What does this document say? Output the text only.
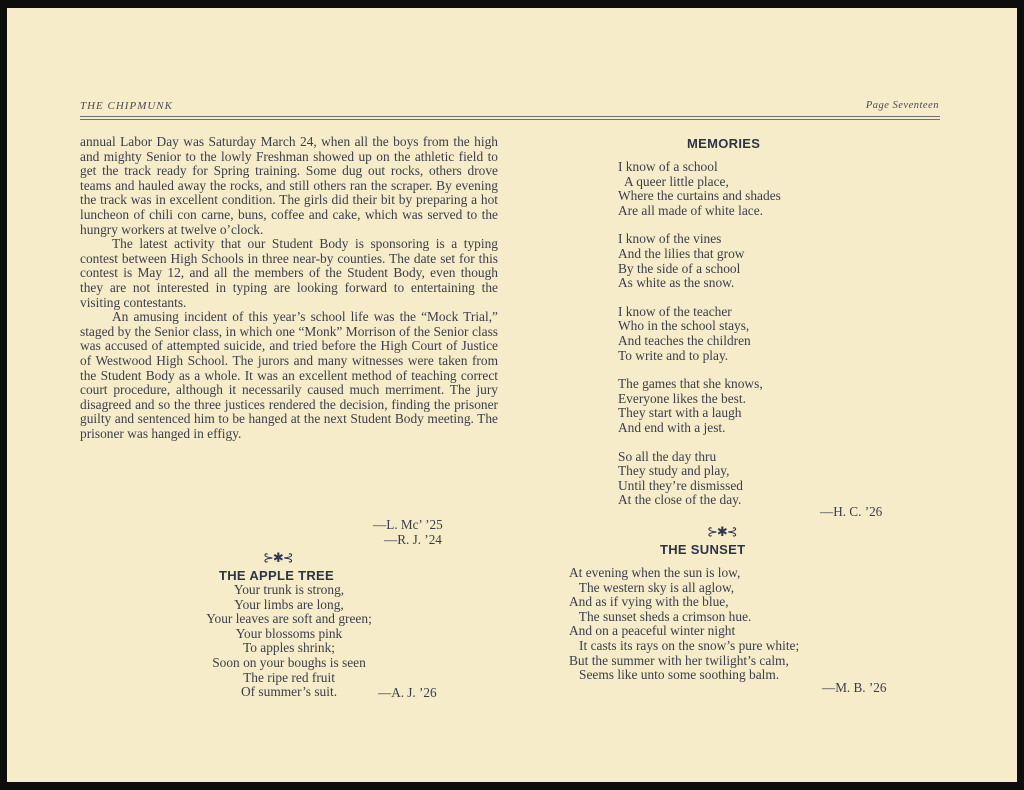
THE CHIPMUNK	Page Seventeen

annual Labor Day was Saturday March 24, when all the boys from the high and mighty Senior to the lowly Freshman showed up on the athletic field to get the track ready for Spring training. Some dug out rocks, others drove teams and hauled away the rocks, and still others ran the scraper. By evening the track was in excellent condition. The girls did their bit by preparing a hot luncheon of chili con carne, buns, coffee and cake, which was served to the hungry workers at twelve o’clock.

The latest activity that our Student Body is sponsoring is a typing contest between High Schools in three near-by counties. The date set for this contest is May 12, and all the members of the Student Body, even though they are not interested in typing are looking forward to entertaining the visiting contestants.

An amusing incident of this year’s school life was the “Mock Trial,” staged by the Senior class, in which one “Monk” Morrison of the Senior class was accused of attempted suicide, and tried before the High Court of Justice of Westwood High School. The jurors and many witnesses were taken from the Student Body as a whole. It was an excellent method of teaching correct court procedure, although it necessarily caused much merriment. The jury disagreed and so the three justices rendered the decision, finding the prisoner guilty and sentenced him to be hanged at the next Student Body meeting. The prisoner was hanged in effigy.

—L. Mc’ ’25
—R. J. ’24
⊱✱⊰
THE APPLE TREE
Your trunk is strong,
Your limbs are long,
Your leaves are soft and green;
Your blossoms pink
To apples shrink;
Soon on your boughs is seen
The ripe red fruit
Of summer’s suit.	—A. J. ’26
MEMORIES
I know of a school
A queer little place,
Where the curtains and shades
Are all made of white lace.
I know of the vines
And the lilies that grow
By the side of a school
As white as the snow.
I know of the teacher
Who in the school stays,
And teaches the children
To write and to play.
The games that she knows,
Everyone likes the best.
They start with a laugh
And end with a jest.
So all the day thru
They study and play,
Until they’re dismissed
At the close of the day.
—H. C. ’26
⊱✱⊰
THE SUNSET
At evening when the sun is low,
The western sky is all aglow,
And as if vying with the blue,
The sunset sheds a crimson hue.
And on a peaceful winter night
It casts its rays on the snow’s pure white;
But the summer with her twilight’s calm,
Seems like unto some soothing balm.
—M. B. ’26
